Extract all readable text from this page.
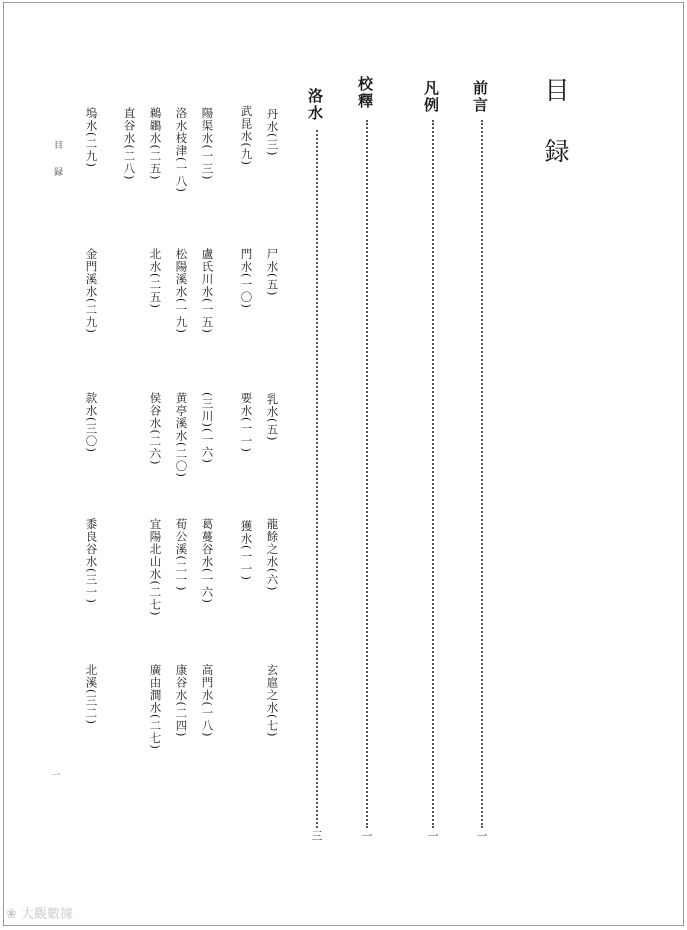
目録
前言
一
凡例
一
校釋
一
洛水
三
丹水(三)
尸水(五)
乳水(五)
龍餘之水(六)
玄扈之水(七)
武昆水(九)
門水(一〇)
要水(一一)
獲水(一一)
陽渠水(一三)
盧氏川水(一五)
(三川)(一六)
葛蔓谷水(一六)
高門水(一八)
洛水枝津(一八)
松陽溪水(一九)
黄亭溪水(二〇)
荀公溪(二一)
康谷水(二四)
鵜鶘水(二五)
北水(二五)
侯谷水(二六)
宜陽北山水(二七)
廣由澗水(二七)
直谷水(二八)
塢水(二九)
金門溪水(二九)
款水(三〇)
黍良谷水(三一)
北溪(三二)
目録
一
❀ 大觀數據
